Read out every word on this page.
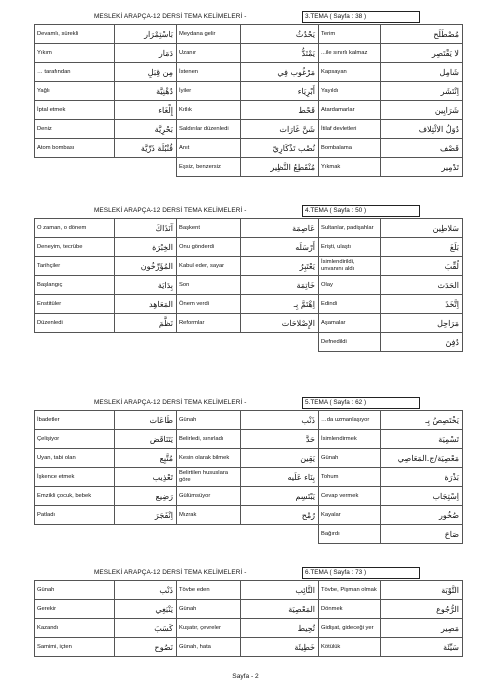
MESLEKİ ARAPÇA-12 DERSİ TEMA KELİMELERİ -	3.TEMA ( Sayfa : 38 )
Devamlı, sürekli	بَاسْتِمْرَار	Meydana gelir	يَحْدُثُ	Terim	مُصْطَلَح
Yıkım	دَمَار	Uzanır	يَمْتَدُّ	...ile sınırlı kalmaz	لا يَقْتَصِر
… tarafından	مِن قِبَلِ	İstenen	مَرْغُوب فِي	Kapsayan	شَامِل
Yağlı	دُهْنِيَّة	İyiler	أَبْرِيَاء	Yayıldı	اِنْتَشَر
İptal etmek	إِلْغَاء	Kıtlık	قَحْط	Atardamarlar	شَرَايِين
Deniz	بَحْرِيَّة	Saldırılar düzenledi	شَنَّ غَارَات	İtilaf devletleri	دُوَلُ الائْتِلاف
Atom bombası	قُنْبُلَة ذَرِّيَّة	Anıt	نُصْب تَذْكَارِيّ	Bombalama	قَصْف
		Eşsiz, benzersiz	مُنْقَطِعُ النَّظِير	Yıkmak	تَدْمِير
MESLEKİ ARAPÇA-12 DERSİ TEMA KELİMELERİ -	4.TEMA ( Sayfa : 50 )
O zaman, o dönem	آنَذَاكَ	Başkent	عَاصِمَة	Sultanlar, padişahlar	سَلاطِين
Deneyim, tecrübe	الخِبْرَة	Onu gönderdi	أَرْسَلَه	Erişti, ulaştı	بَلَغَ
Tarihçiler	المُؤَرِّخُون	Kabul eder, sayar	يَعْتَبِرُ	İsimlendirildi, unvanını aldı	لُقِّبَ
Başlangıç	بِدَايَة	Son	خَاتِمَة	Olay	الحَدَث
Enstitüler	المَعَاهِد	Önem verdi	اِهْتَمَّ بِـ	Edindi	اِتَّخَذَ
Düzenledi	نَظَّمَ	Reformlar	الإِصْلاحَات	Aşamalar	مَرَاحِل
				Defnedildi	دُفِنَ
MESLEKİ ARAPÇA-12 DERSİ TEMA KELİMELERİ -	5.TEMA ( Sayfa : 62 )
İbadetler	طَاعَات	Günah	ذَنْب	…da uzmanlaşıyor	يَخْتَصِصُ بِـ
Çelişiyor	يَتَنَاقَض	Belirledi, sınırladı	حَدَّ	İsimlendirmek	تَسْمِيَة
Uyan, tabi olan	مُتَّبِع	Kesin olarak bilmek	يَقِين	Günah	مَعْصِيَة/ج.المَعَاصِي
İşkence etmek	تَعْذِيب	Belirtilen hususlara göre	بِنَاء عَلَيه	Tohum	بَذْرَة
Emzikli çocuk, bebek	رَضِيع	Gülümsüyor	يَبْتَسِم	Cevap vermek	اِسْتِجَاب
Patladı	اِنْفَجَرَ	Mızrak	رُمْح	Kayalar	صُخُور
				Bağırdı	صَاحَ
MESLEKİ ARAPÇA-12 DERSİ TEMA KELİMELERİ -	6.TEMA ( Sayfa : 73 )
Günah	ذَنْب	Tövbe eden	التَّائِب	Tövbe, Pişman olmak	التَّوْبَة
Gerekir	يَنْبَغِي	Günah	المَعْصِيَة	Dönmek	الرُّجُوع
Kazandı	كَسَبَ	Kuşatır, çevreler	تُحِيط	Gidişat, gideceği yer	مَصِير
Samimi, içten	نَصُوح	Günah, hata	خَطِيئَة	Kötülük	سَيِّئَة
Sayfa - 2
